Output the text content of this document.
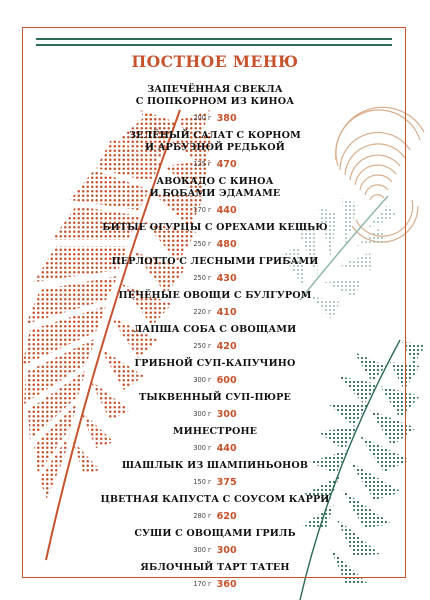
ПОСТНОЕ МЕНЮ
ЗАПЕЧЁННАЯ СВЕКЛА
С ПОПКОРНОМ ИЗ КИНОА
200 г 380
ЗЕЛЁНЫЙ САЛАТ С КОРНОМ
И АРБУЗНОЙ РЕДЬКОЙ
125 г 470
АВОКАДО С КИНОА
И БОБАМИ ЭДАМАМЕ
170 г 440
БИТЫЕ ОГУРЦЫ С ОРЕХАМИ КЕШЬЮ
250 г 480
ПЕРЛОТТО С ЛЕСНЫМИ ГРИБАМИ
250 г 430
ПЕЧЁНЫЕ ОВОЩИ С БУЛГУРОМ
220 г 410
ЛАПША СОБА С ОВОЩАМИ
250 г 420
ГРИБНОЙ СУП-КАПУЧИНО
300 г 600
ТЫКВЕННЫЙ СУП-ПЮРЕ
300 г 300
МИНЕСТРОНЕ
300 г 440
ШАШЛЫК ИЗ ШАМПИНЬОНОВ
150 г 375
ЦВЕТНАЯ КАПУСТА С СОУСОМ КАРРИ
280 г 620
СУШИ С ОВОЩАМИ ГРИЛЬ
300 г 300
ЯБЛОЧНЫЙ ТАРТ ТАТЕН
170 г 360
